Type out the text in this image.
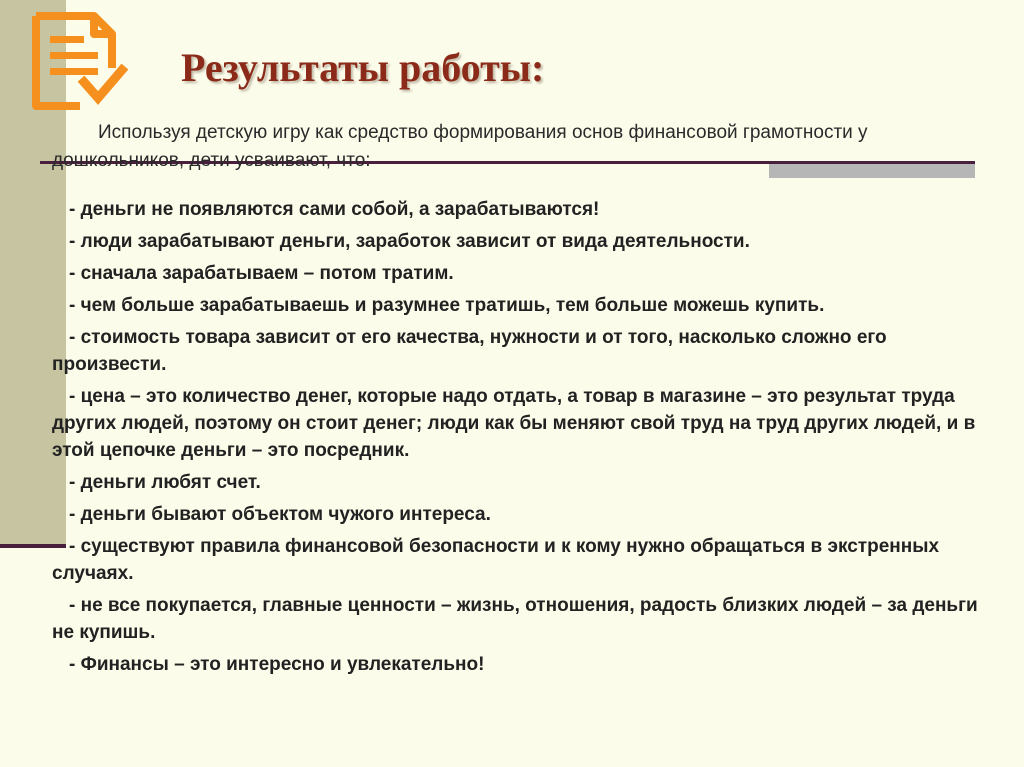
Результаты работы:

Используя детскую игру как средство формирования основ финансовой грамотности у дошкольников, дети усваивают, что:

- деньги не появляются сами собой, а зарабатываются!

- люди зарабатывают деньги, заработок зависит от вида деятельности.

- сначала зарабатываем – потом тратим.

- чем больше зарабатываешь и разумнее тратишь, тем больше можешь купить.

- стоимость товара зависит от его качества, нужности и от того, насколько сложно его произвести.

- цена – это количество денег, которые надо отдать, а товар в магазине – это результат труда других людей, поэтому он стоит денег; люди как бы меняют свой труд на труд других людей, и в этой цепочке деньги – это посредник.

- деньги любят счет.

- деньги бывают объектом чужого интереса.

- существуют правила финансовой безопасности и к кому нужно обращаться в экстренных случаях.

- не все покупается, главные ценности – жизнь, отношения, радость близких людей – за деньги не купишь.

- Финансы – это интересно и увлекательно!
